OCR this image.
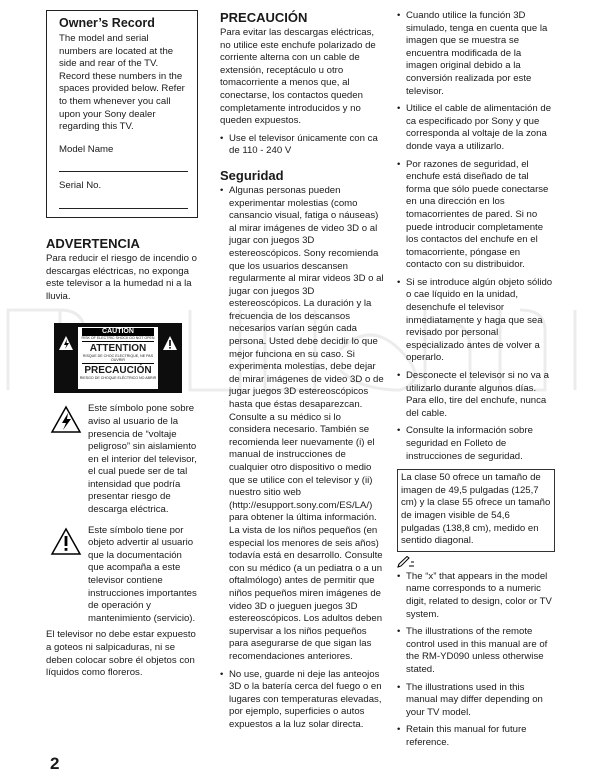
Owner’s Record

The model and serial numbers are located at the side and rear of the TV. Record these numbers in the spaces provided below. Refer to them whenever you call upon your Sony dealer regarding this TV.

Model Name

Serial No.

ADVERTENCIA

Para reducir el riesgo de incendio o descargas eléctricas, no exponga este televisor a la humedad ni a la lluvia.

CAUTION
RISK OF ELECTRIC SHOCK DO NOT OPEN
ATTENTION
RISQUE DE CHOC ELECTRIQUE, NE PAS OUVRIR
PRECAUCIÓN
RIESGO DE CHOQUE ELÉCTRICO NO ABRIR

Este símbolo pone sobre aviso al usuario de la presencia de “voltaje peligroso” sin aislamiento en el interior del televisor, el cual puede ser de tal intensidad que podría presentar riesgo de descarga eléctrica.

Este símbolo tiene por objeto advertir al usuario que la documentación que acompaña a este televisor contiene instrucciones importantes de operación y mantenimiento (servicio).

El televisor no debe estar expuesto a goteos ni salpicaduras, ni se deben colocar sobre él objetos con líquidos como floreros.

PRECAUCIÓN

Para evitar las descargas eléctricas, no utilice este enchufe polarizado de corriente alterna con un cable de extensión, receptáculo u otro tomacorriente a menos que, al conectarse, los contactos queden completamente introducidos y no queden expuestos.

• Use el televisor únicamente con ca de 110 - 240 V
Seguridad
• Algunas personas pueden experimentar molestias (como cansancio visual, fatiga o náuseas) al mirar imágenes de video 3D o al jugar con juegos 3D estereoscópicos. Sony recomienda que los usuarios descansen regularmente al mirar videos 3D o al jugar con juegos 3D estereoscópicos. La duración y la frecuencia de los descansos necesarios varían según cada persona. Usted debe decidir lo que mejor funciona en su caso. Si experimenta molestias, debe dejar de mirar imágenes de video 3D o de jugar juegos 3D estereoscópicos hasta que éstas desaparezcan. Consulte a su médico si lo considera necesario. También se recomienda leer nuevamente (i) el manual de instrucciones de cualquier otro dispositivo o medio que se utilice con el televisor y (ii) nuestro sitio web (http://esupport.sony.com/ES/LA/) para obtener la última información. La vista de los niños pequeños (en especial los menores de seis años) todavía está en desarrollo. Consulte con su médico (a un pediatra o a un oftalmólogo) antes de permitir que niños pequeños miren imágenes de video 3D o jueguen juegos 3D estereoscópicos. Los adultos deben supervisar a los niños pequeños para asegurarse de que sigan las recomendaciones anteriores.
• No use, guarde ni deje las anteojos 3D o la batería cerca del fuego o en lugares con temperaturas elevadas, por ejemplo, superficies o autos expuestos a la luz solar directa.
• Cuando utilice la función 3D simulado, tenga en cuenta que la imagen que se muestra se encuentra modificada de la imagen original debido a la conversión realizada por este televisor.
• Utilice el cable de alimentación de ca especificado por Sony y que corresponda al voltaje de la zona donde vaya a utilizarlo.
• Por razones de seguridad, el enchufe está diseñado de tal forma que sólo puede conectarse en una dirección en los tomacorrientes de pared. Si no puede introducir completamente los contactos del enchufe en el tomacorriente, póngase en contacto con su distribuidor.
• Si se introduce algún objeto sólido o cae líquido en la unidad, desenchufe el televisor inmediatamente y haga que sea revisado por personal especializado antes de volver a operarlo.
• Desconecte el televisor si no va a utilizarlo durante algunos días. Para ello, tire del enchufe, nunca del cable.
• Consulte la información sobre seguridad en Folleto de instrucciones de seguridad.

La clase 50 ofrece un tamaño de imagen de 49,5 pulgadas (125,7 cm) y la clase 55 ofrece un tamaño de imagen visible de 54,6 pulgadas (138,8 cm), medido en sentido diagonal.

• The “x” that appears in the model name corresponds to a numeric digit, related to design, color or TV system.
• The illustrations of the remote control used in this manual are of the RM-YD090 unless otherwise stated.
• The illustrations used in this manual may differ depending on your TV model.
• Retain this manual for future reference.
2
